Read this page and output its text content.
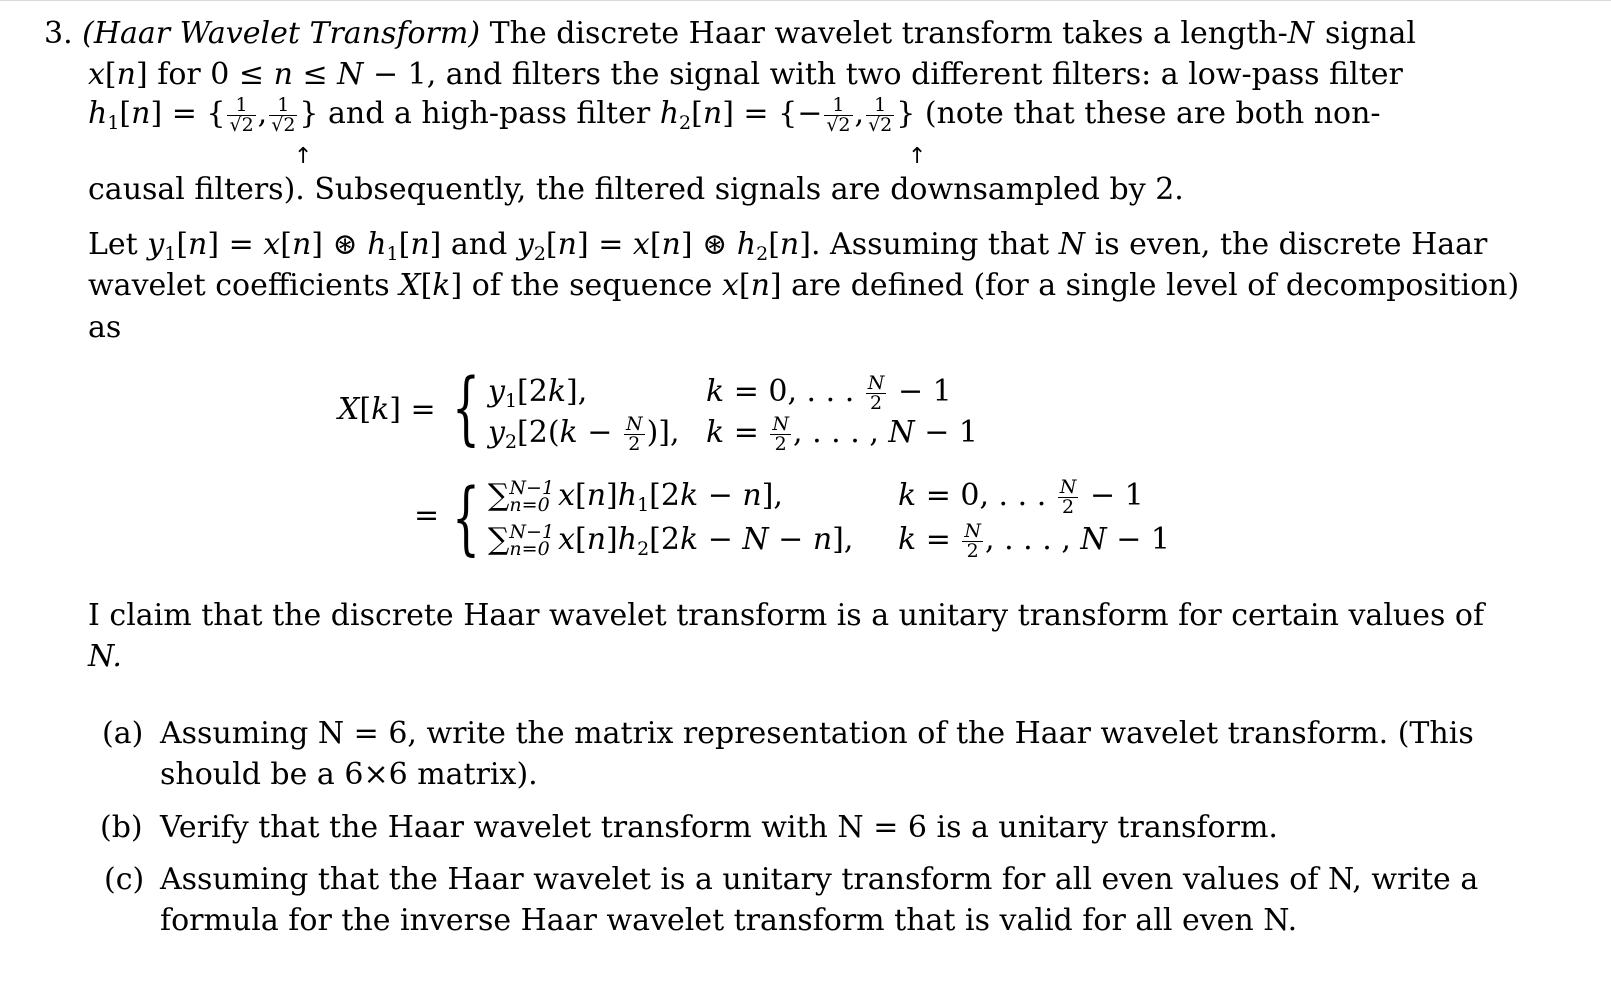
3. (Haar Wavelet Transform) The discrete Haar wavelet transform takes a length-N signal
x[n] for 0 ≤ n ≤ N − 1, and filters the signal with two different filters: a low-pass filter
$h_1[n]$ = { $\frac{1}{√2}$ , $\frac{1}{√2}$ } and a high-pass filter $h_2[n]$ = {− $\frac{1}{√2}$ , $\frac{1}{√2}$ } (note that these are both non-
↑	↑
causal filters). Subsequently, the filtered signals are downsampled by 2.
Let $y_1[n] = x[n]$ ⊛ $h_1[n]$ and $y_2[n] = x[n]$ ⊛ $h_2[n]$. Assuming that N is even, the discrete Haar
wavelet coefficients X[k] of the sequence x[n] are defined (for a single level of decomposition)
as
X[k] = { $y_1[2k]$,	k = 0, . . . $\frac{N}{2} - 1$
$y_2[2(k - \frac{N}{2}$ )], $k = \frac{N}{2}$ , . . . , N − 1
= { ∑ N−1
n=0 $x[n]h_1[2k - n]$,	k = 0, . . . $\frac{N}{2} - 1$
∑ N−1
n=0 $x[n]h_2[2k - N - n]$, $k = \frac{N}{2}$ , . . . , N − 1
I claim that the discrete Haar wavelet transform is a unitary transform for certain values of
N.
(a) Assuming N = 6, write the matrix representation of the Haar wavelet transform. (This
should be a 6×6 matrix).
(b) Verify that the Haar wavelet transform with N = 6 is a unitary transform.
(c) Assuming that the Haar wavelet is a unitary transform for all even values of N, write a
formula for the inverse Haar wavelet transform that is valid for all even N.
